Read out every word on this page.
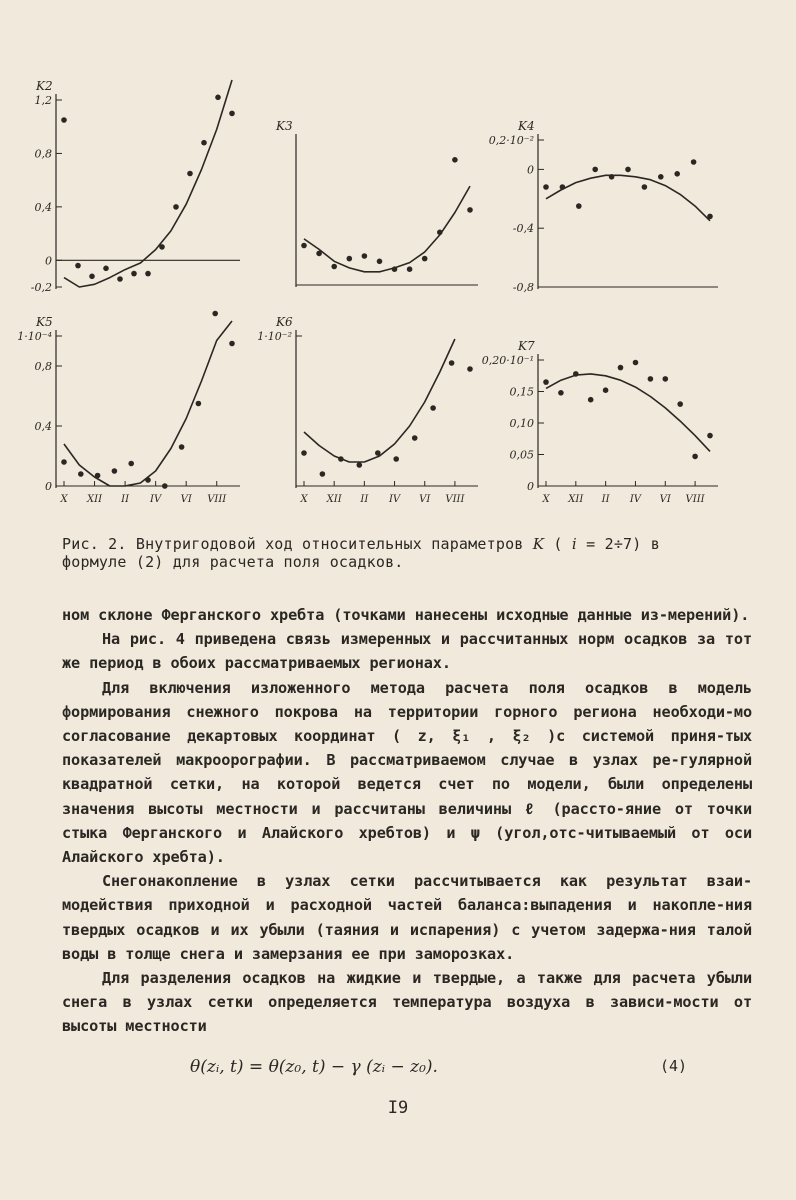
K2
1,2
0,8
0,4
0
-0,2
K3	K4
0,2·10⁻²
0
-0,4
-0,8
K5
1·10⁻⁴
0,8
0,4
0
X XII II IV VI VIII
K6
1·10⁻²
X XII II IV VI VIII
K7
0,20·10⁻¹
0,15
0,10
0,05
0
X XII II IV VI VIII
Рис. 2. Внутригодовой ход относительных параметров K ( i = 2÷7) в
формуле (2) для расчета поля осадков.

ном склоне Ферганского хребта (точками нанесены исходные данные из-мерений).

На рис. 4 приведена связь измеренных и рассчитанных норм осадков за тот же период в обоих рассматриваемых регионах.

Для включения изложенного метода расчета поля осадков в модель формирования снежного покрова на территории горного региона необходи-мо согласование декартовых координат ( z, ξ₁ , ξ₂ )с системой приня-тых показателей макроорографии. В рассматриваемом случае в узлах ре-гулярной квадратной сетки, на которой ведется счет по модели, были определены значения высоты местности и рассчитаны величины ℓ (рассто-яние от точки стыка Ферганского и Алайского хребтов) и ψ (угол,отс-читываемый от оси Алайского хребта).

Снегонакопление в узлах сетки рассчитывается как результат взаи-модействия приходной и расходной частей баланса:выпадения и накопле-ния твердых осадков и их убыли (таяния и испарения) с учетом задержа-ния талой воды в толще снега и замерзания ее при заморозках.

Для разделения осадков на жидкие и твердые, а также для расчета убыли снега в узлах сетки определяется температура воздуха в зависи-мости от высоты местности

θ(zᵢ, t) = θ(z₀, t) − γ (zᵢ − z₀).	(4)
I9
